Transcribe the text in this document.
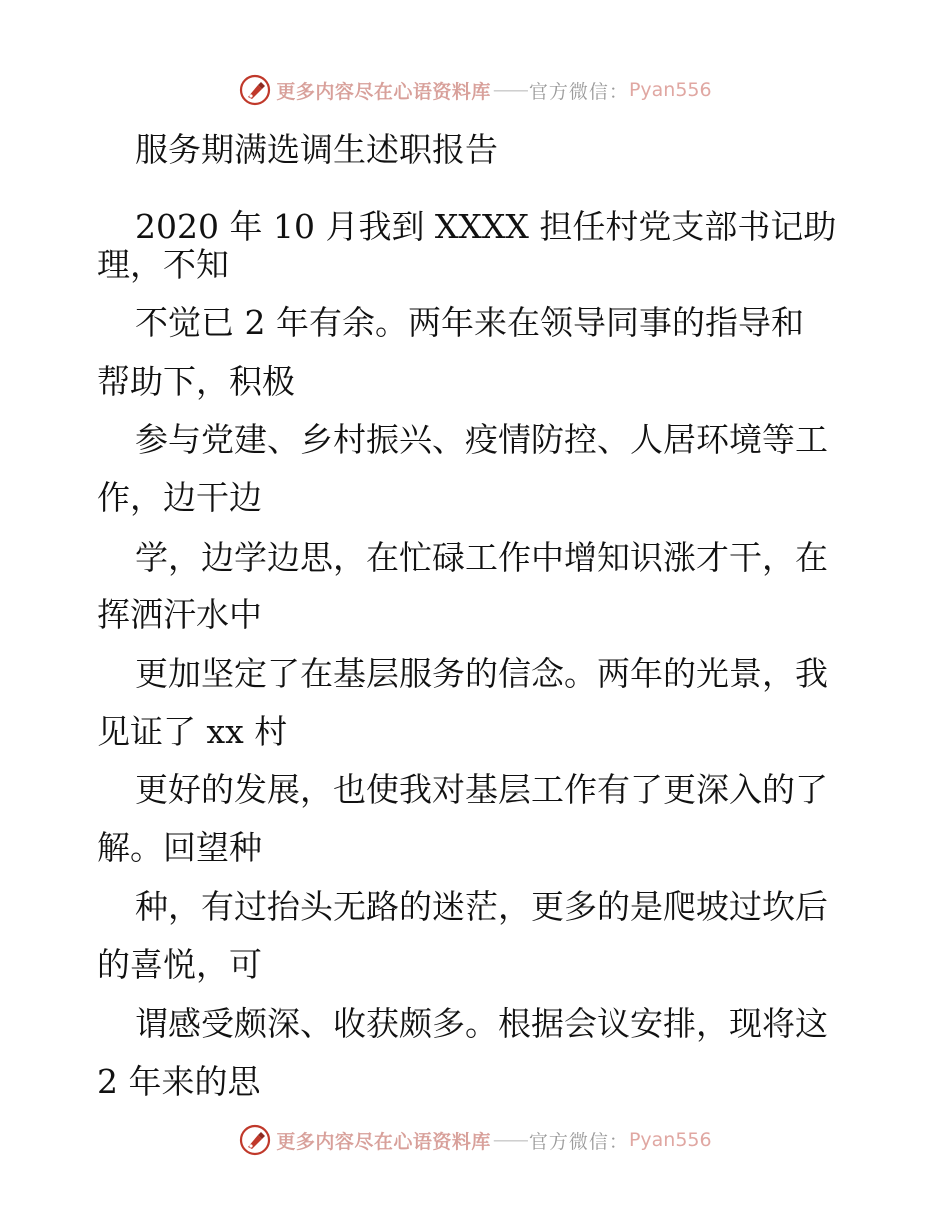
更多内容尽在心语资料库 —— 官方微信： Pyan556
服务期满选调生述职报告
2020 年 10 月我到 XXXX 担任村党支部书记助
理，不知
不觉已 2 年有余。两年来在领导同事的指导和
帮助下，积极
参与党建、乡村振兴、疫情防控、人居环境等工
作，边干边
学，边学边思，在忙碌工作中增知识涨才干，在
挥洒汗水中
更加坚定了在基层服务的信念。两年的光景，我
见证了 xx 村
更好的发展，也使我对基层工作有了更深入的了
解。回望种
种，有过抬头无路的迷茫，更多的是爬坡过坎后
的喜悦，可
谓感受颇深、收获颇多。根据会议安排，现将这
2 年来的思
更多内容尽在心语资料库 —— 官方微信： Pyan556
